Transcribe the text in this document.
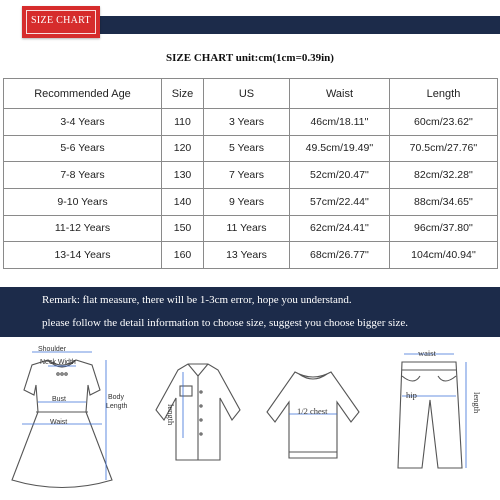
SIZE CHART
SIZE CHART unit:cm(1cm=0.39in)
Recommended Age	Size	US	Waist	Length
3-4 Years	110	3 Years	46cm/18.11''	60cm/23.62''
5-6 Years	120	5 Years	49.5cm/19.49''	70.5cm/27.76''
7-8 Years	130	7 Years	52cm/20.47''	82cm/32.28''
9-10 Years	140	9 Years	57cm/22.44''	88cm/34.65''
11-12 Years	150	11 Years	62cm/24.41''	96cm/37.80''
13-14 Years	160	13 Years	68cm/26.77''	104cm/40.94''
Remark: flat measure, there will be 1-3cm error, hope you understand.
please follow the detail information to choose size, suggest you choose bigger size.
Shoulder
Neck Width
Body
Length
Bust
Waist	length	1/2 chest
waist
hip	length
